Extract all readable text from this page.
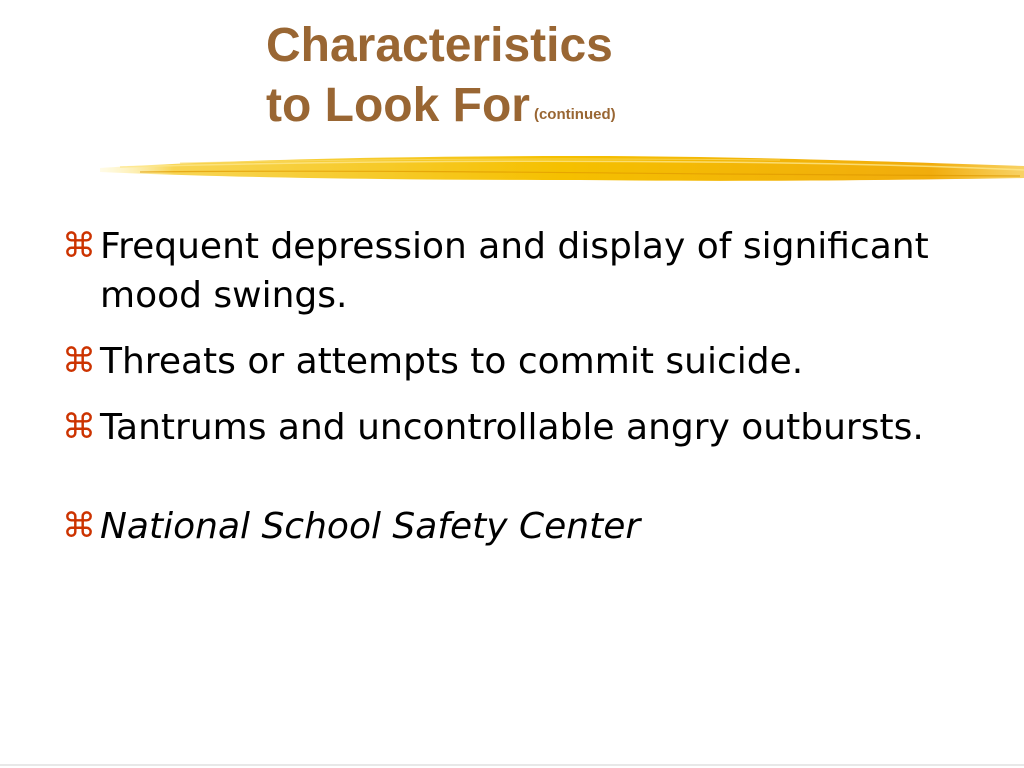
Characteristics
to Look For (continued)
⌘ Frequent depression and display of significant mood swings.
⌘ Threats or attempts to commit suicide.
⌘ Tantrums and uncontrollable angry outbursts.
⌘ National School Safety Center
